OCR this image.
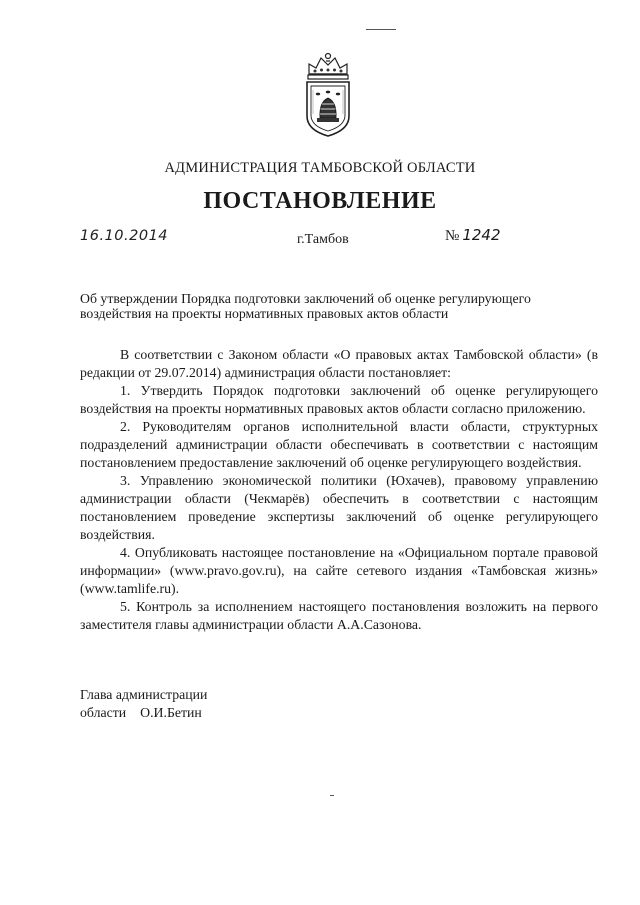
АДМИНИСТРАЦИЯ ТАМБОВСКОЙ ОБЛАСТИ
ПОСТАНОВЛЕНИЕ
16.10.2014	г.Тамбов	№ 1242
Об утверждении Порядка подготовки заключений об оценке регулирующего воздействия на проекты нормативных правовых актов области

В соответствии с Законом области «О правовых актах Тамбовской области» (в редакции от 29.07.2014) администрация области постановляет:

1. Утвердить Порядок подготовки заключений об оценке регулирующего воздействия на проекты нормативных правовых актов области согласно приложению.

2. Руководителям органов исполнительной власти области, структурных подразделений администрации области обеспечивать в соответствии с настоящим постановлением предоставление заключений об оценке регулирующего воздействия.

3. Управлению экономической политики (Юхачев), правовому управлению администрации области (Чекмарёв) обеспечить в соответствии с настоящим постановлением проведение экспертизы заключений об оценке регулирующего воздействия.

4. Опубликовать настоящее постановление на «Официальном портале правовой информации» (www.pravo.gov.ru), на сайте сетевого издания «Тамбовская жизнь» (www.tamlife.ru).

5. Контроль за исполнением настоящего постановления возложить на первого заместителя главы администрации области А.А.Сазонова.

Глава администрации
области О.И.Бетин
